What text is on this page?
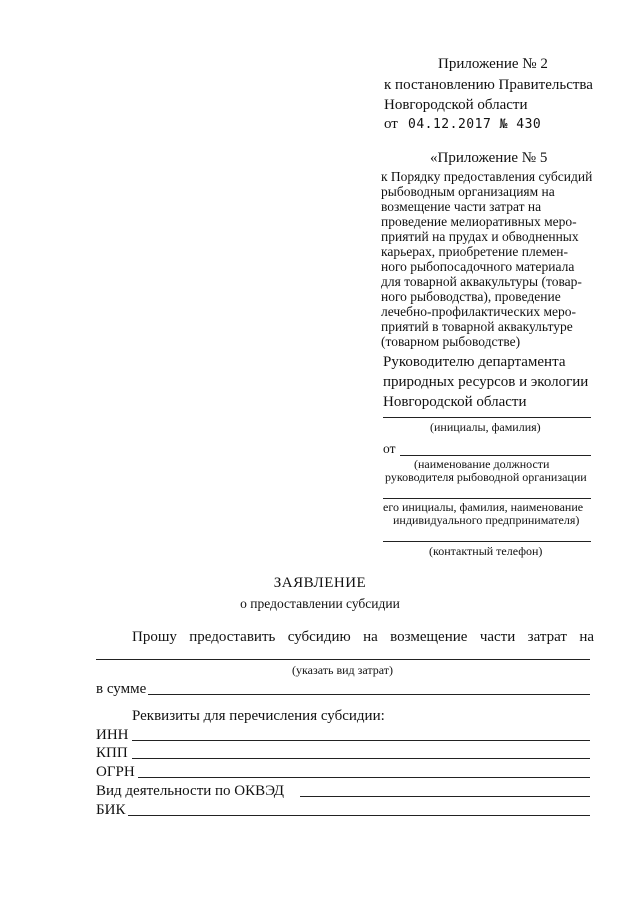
Приложение № 2
к постановлению Правительства
Новгородской области
от 04.12.2017 № 430
«Приложение № 5
к Порядку предоставления субсидий
рыбоводным организациям на
возмещение части затрат на
проведение мелиоративных меро-
приятий на прудах и обводненных
карьерах, приобретение племен-
ного рыбопосадочного материала
для товарной аквакультуры (товар-
ного рыбоводства), проведение
лечебно-профилактических меро-
приятий в товарной аквакультуре
(товарном рыбоводстве)
Руководителю департамента
природных ресурсов и экологии
Новгородской области
(инициалы, фамилия)
от
(наименование должности
руководителя рыбоводной организации
его инициалы, фамилия, наименование
индивидуального предпринимателя)
(контактный телефон)
ЗАЯВЛЕНИЕ
о предоставлении субсидии
Прошу предоставить субсидию на возмещение части затрат на
(указать вид затрат)
в сумме
Реквизиты для перечисления субсидии:
ИНН
КПП
ОГРН
Вид деятельности по ОКВЭД
БИК
